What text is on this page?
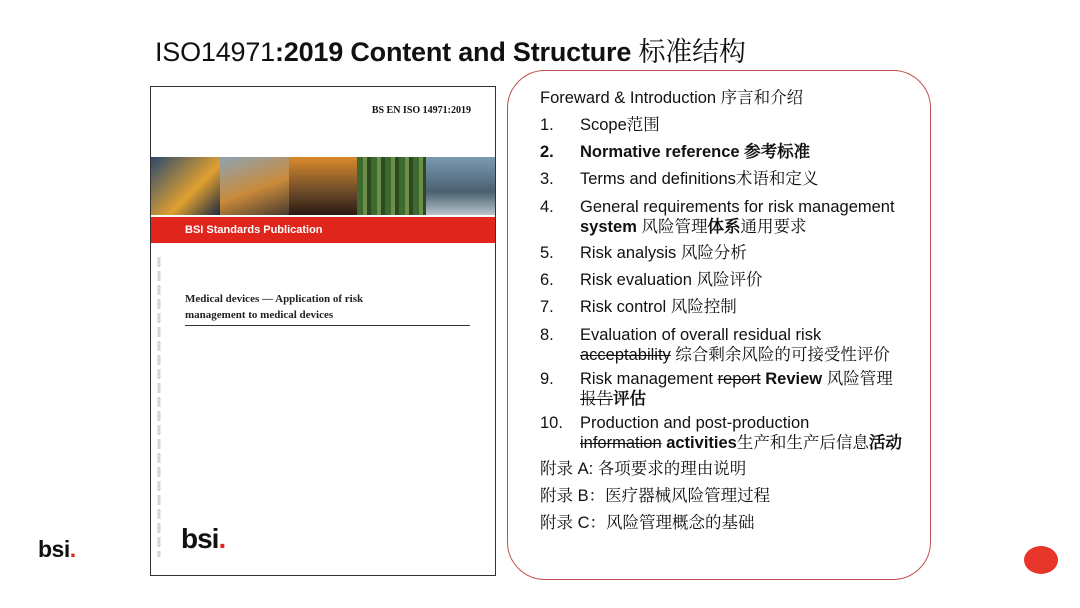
ISO14971:2019 Content and Structure 标准结构
BS EN ISO 14971:2019
BSI Standards Publication
Medical devices — Application of risk
management to medical devices
bsi.
Foreward & Introduction 序言和介绍
1. Scope范围
2. Normative reference 参考标准
3. Terms and definitions术语和定义
4. General requirements for risk management
system 风险管理体系通用要求
5. Risk analysis 风险分析
6. Risk evaluation 风险评价
7. Risk control 风险控制
8. Evaluation of overall residual risk
acceptability 综合剩余风险的可接受性评价
9. Risk management report Review 风险管理
报告评估
10. Production and post-production
information activities生产和生产后信息活动
附录 A: 各项要求的理由说明
附录 B：医疗器械风险管理过程
附录 C：风险管理概念的基础
bsi.
